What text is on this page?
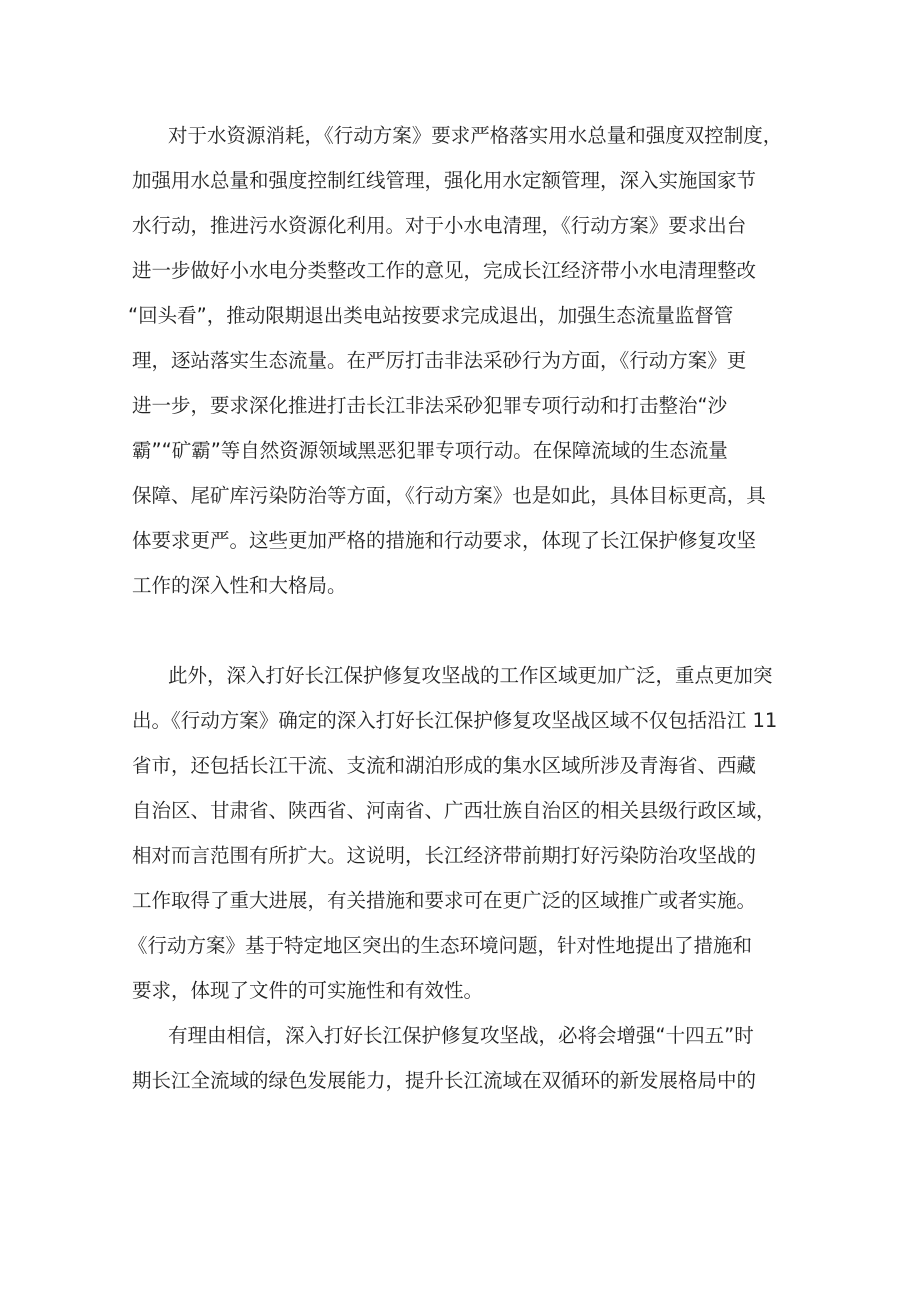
对于水资源消耗，《行动方案》要求严格落实用水总量和强度双控制度，
加强用水总量和强度控制红线管理，强化用水定额管理，深入实施国家节
水行动，推进污水资源化利用。对于小水电清理，《行动方案》要求出台
进一步做好小水电分类整改工作的意见，完成长江经济带小水电清理整改
“回头看”，推动限期退出类电站按要求完成退出，加强生态流量监督管
理，逐站落实生态流量。在严厉打击非法采砂行为方面，《行动方案》更
进一步，要求深化推进打击长江非法采砂犯罪专项行动和打击整治“沙
霸”“矿霸”等自然资源领域黑恶犯罪专项行动。在保障流域的生态流量
保障、尾矿库污染防治等方面，《行动方案》也是如此，具体目标更高，具
体要求更严。这些更加严格的措施和行动要求，体现了长江保护修复攻坚
工作的深入性和大格局。
此外，深入打好长江保护修复攻坚战的工作区域更加广泛，重点更加突
出。《行动方案》确定的深入打好长江保护修复攻坚战区域不仅包括沿江 11
省市，还包括长江干流、支流和湖泊形成的集水区域所涉及青海省、西藏
自治区、甘肃省、陕西省、河南省、广西壮族自治区的相关县级行政区域，
相对而言范围有所扩大。这说明，长江经济带前期打好污染防治攻坚战的
工作取得了重大进展，有关措施和要求可在更广泛的区域推广或者实施。
《行动方案》基于特定地区突出的生态环境问题，针对性地提出了措施和
要求，体现了文件的可实施性和有效性。
有理由相信，深入打好长江保护修复攻坚战，必将会增强“十四五”时
期长江全流域的绿色发展能力，提升长江流域在双循环的新发展格局中的
